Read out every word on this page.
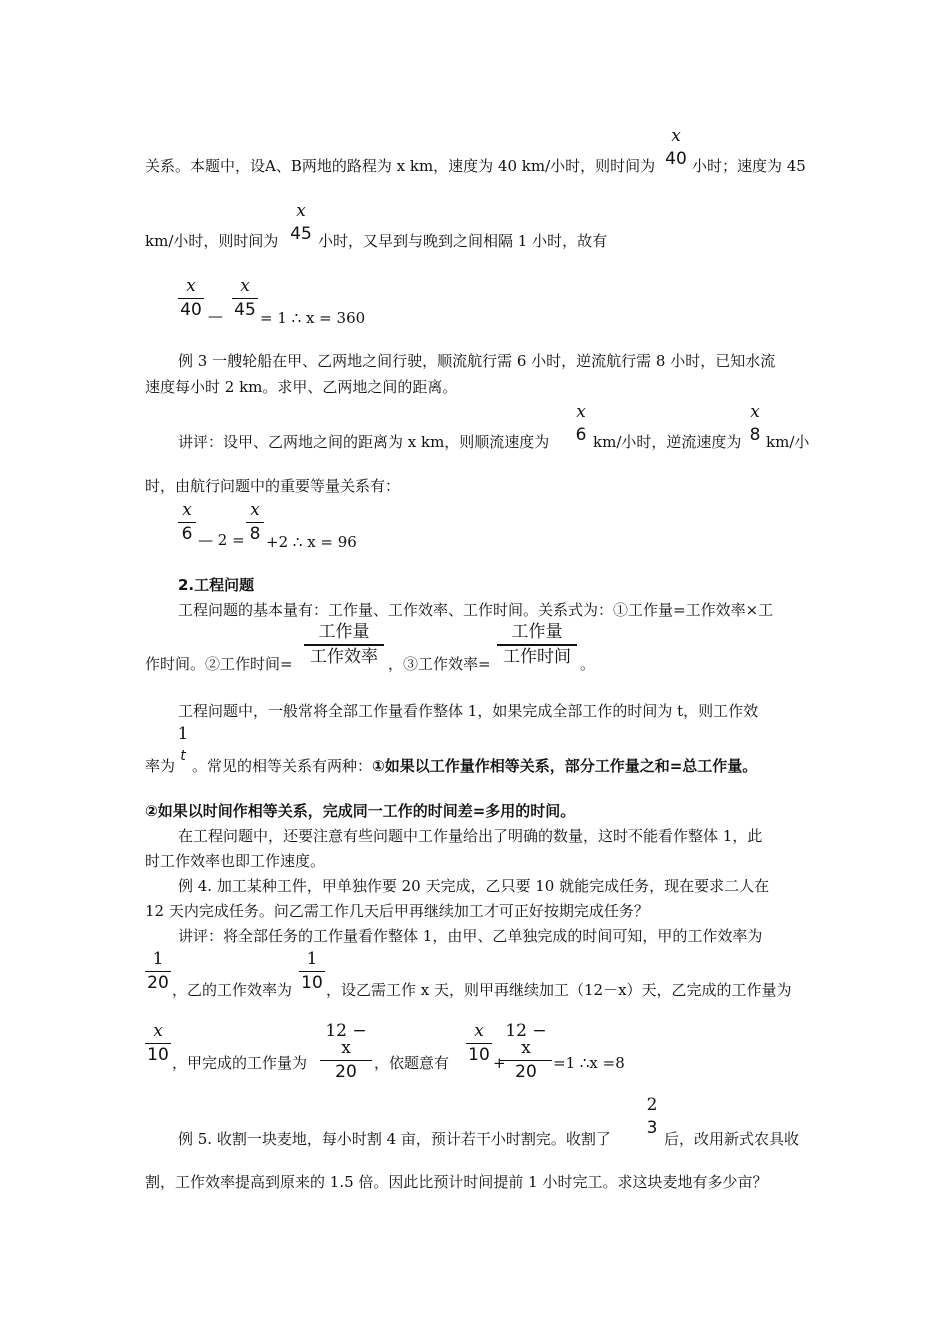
关系。本题中，设A、B两地的路程为 x km，速度为 40 km/小时，则时间为
x
40 小时；速度为 45
km/小时，则时间为
x
45 小时，又早到与晚到之间相隔 1 小时，故有
x
40 —
x
45 = 1 ∴ x = 360
例 3 一艘轮船在甲、乙两地之间行驶，顺流航行需 6 小时，逆流航行需 8 小时，已知水流
速度每小时 2 km。求甲、乙两地之间的距离。
讲评：设甲、乙两地之间的距离为 x km，则顺流速度为
x
6 km/小时，逆流速度为
x
8 km/小
时，由航行问题中的重要等量关系有：
x
6 — 2 =
x
8 +2 ∴ x = 96
2.工程问题
工程问题的基本量有：工作量、工作效率、工作时间。关系式为：①工作量=工作效率×工
作时间。②工作时间=
工作量
工作效率 ，③工作效率=
工作量
工作时间 。
工程问题中，一般常将全部工作量看作整体 1，如果完成全部工作的时间为 t，则工作效
率为
1
t
。常见的相等关系有两种：①如果以工作量作相等关系，部分工作量之和=总工作量。
②如果以时间作相等关系，完成同一工作的时间差=多用的时间。
在工程问题中，还要注意有些问题中工作量给出了明确的数量，这时不能看作整体 1，此
时工作效率也即工作速度。
例 4. 加工某种工件，甲单独作要 20 天完成，乙只要 10 就能完成任务，现在要求二人在
12 天内完成任务。问乙需工作几天后甲再继续加工才可正好按期完成任务？
讲评：将全部任务的工作量看作整体 1，由甲、乙单独完成的时间可知，甲的工作效率为
1
20 ，乙的工作效率为
1
10 ，设乙需工作 x 天，则甲再继续加工（12－x）天，乙完成的工作量为
x
10 ，甲完成的工作量为
12 − x
20	，依题意有
x
10 +
12 − x
20	=1 ∴x =8
例 5. 收割一块麦地，每小时割 4 亩，预计若干小时割完。收割了
2
3
后，改用新式农具收
割，工作效率提高到原来的 1.5 倍。因此比预计时间提前 1 小时完工。求这块麦地有多少亩？
